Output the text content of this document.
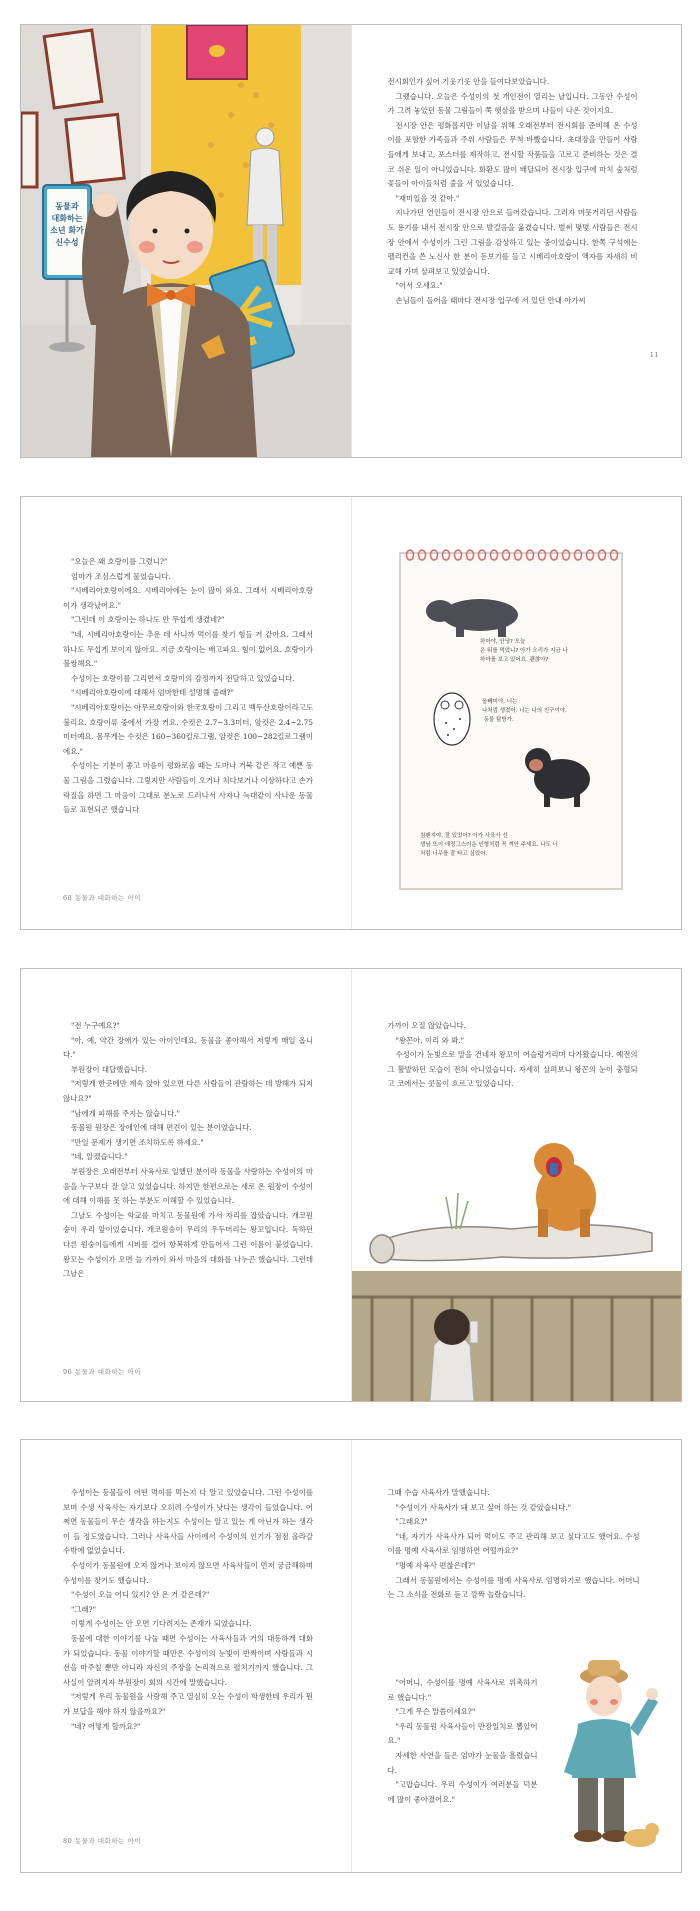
동물과
대화하는
소년 화가
신수성

전시회인가 싶어 기웃기웃 안을 들여다보았습니다.

그랬습니다. 오늘은 수성이의 첫 개인전이 열리는 날입니다. 그동안 수성이가 그려 놓았던 동물 그림들이 쭉 햇살을 받으며 나들이 나온 것이지요.

전시장 안은 평화롭지만 이날을 위해 오래전부터 전시회를 준비해 온 수성이를 포함한 가족들과 주위 사람들은 무척 바빴습니다. 초대장을 만들어 사람들에게 보내고, 포스터를 제작하고, 전시할 작품들을 고르고 준비하는 것은 결코 쉬운 일이 아니었습니다. 화환도 많이 배달되어 전시장 입구에 마치 숲처럼 꽃들이 아이들처럼 줄을 서 있었습니다.

"재미있을 것 같아."

지나가던 연인들이 전시장 안으로 들어갔습니다. 그러자 머뭇거리던 사람들도 용기를 내서 전시장 안으로 발걸음을 옮겼습니다. 벌써 몇몇 사람들은 전시장 안에서 수성이가 그린 그림을 감상하고 있는 중이었습니다. 한쪽 구석에는 펠리컨을 쓴 노신사 한 분이 돋보기를 들고 시베리아호랑이 액자를 자세히 비교해 가며 살펴보고 있었습니다.

"어서 오세요."

손님들이 들어올 때마다 전시장 입구에 서 있던 안내 아가씨

11

"오늘은 왜 호랑이를 그렸니?"

엄마가 조심스럽게 물었습니다.

"시베리아호랑이에요. 시베리아에는 눈이 많이 와요. 그래서 시베리아호랑이가 생각났어요."

"그런데 이 호랑이는 하나도 안 무섭게 생겼네?"

"네, 시베리아호랑이는 추운 데 사니까 먹이를 찾기 힘들 거 같아요. 그래서 하나도 무섭게 보이지 않아요. 지금 호랑이는 배고파요. 힘이 없어요. 호랑이가 불쌍해요."

수성이는 호랑이를 그리면서 호랑이의 감정까지 전달하고 있었습니다.

"시베리아호랑이에 대해서 엄마한테 설명해 줄래?"

"시베리아호랑이는 아무르호랑이와 한국호랑이 그리고 백두산호랑이라고도 불리요. 호랑이류 중에서 가장 커요. 수컷은 2.7~3.3미터, 암컷은 2.4~2.75미터예요. 몸무게는 수컷은 160~360킬로그램, 암컷은 100~282킬로그램이에요."

수성이는 기분이 좋고 마음이 평화로울 때는 도마나 거북 같은 작고 예쁜 동물 그림을 그렸습니다. 그렇지만 사람들이 오거나 처다보거나 이상하다고 손가락질을 하면 그 마음이 그대로 분노로 드러나서 사자나 늑대같이 사나운 동물들로 표현되곤 했습니다

68 동물과 대화하는 아이
하마야, 안녕? 오늘 은 뭐를 먹었니? 아가 오리가 지금 나 하마를 보고 있어요. 괜찮아?
올빼미야, 너는 나처럼 생겼어. 너는 나의 친구이야. 동물 탐방가.
침팬지야, 잘 있었어? 아가 사육사 선 생님 또이 애정그스러운 인형처럼 꼭 껴안 주세요. 나도 너 처럼 너무를 잘 타고 싶었어.

"전 누구예요?"

"아, 예, 약간 장애가 있는 아이인데요, 동물을 좋아해서 저렇게 매일 옵니다."

부원장이 대답했습니다.

"저렇게 한곳에만 계속 앉아 있으면 다른 사람들이 관람하는 데 방해가 되지 않나요?"

"남에게 피해를 주지는 않습니다."

동물원 원장은 장애인에 대해 편견이 있는 분이었습니다.

"만일 문제가 생기면 조치하도록 하세요."

"네, 알겠습니다."

부원장은 오래전부터 사육사로 일했던 분이라 동물을 사랑하는 수성이의 마음을 누구보다 잘 알고 있었습니다. 하지만 한편으로는 새로 온 원장이 수성이에 대해 이해를 못 하는 부분도 이해할 수 있었습니다.

그날도 수성이는 학교를 마치고 동물원에 가서 자리를 잡았습니다. 개코원숭이 우리 앞이었습니다. 개코원숭이 무리의 우두머리는 왕꼬입니다. 독하던 다른 원숭이들에게 시비를 걸어 항복하게 만들어서 그런 이름이 붙었습니다. 왕꼬는 수성이가 오면 늘 가까이 와서 마음의 대화를 나누곤 했습니다. 그런데 그날은

96 동물과 대화하는 아이

가까이 오질 않았습니다.

"왕꼰아, 이리 와 봐."

수성이가 눈빛으로 말을 건네자 왕꼬이 어슬렁거리며 다가왔습니다. 예전의 그 활발하던 모습이 전혀 아니었습니다. 자세히 살펴보니 왕꼰의 눈이 충혈되고 코에서는 콧물이 흐르고 있었습니다.

수성이는 동물들이 어떤 먹이를 먹는지 다 알고 있었습니다. 그런 수성이를 보며 수생 사육사는 자기보다 오히려 수성이가 낫다는 생각이 들었습니다. 어쩌면 동물들이 무슨 생각을 하는지도 수성이는 알고 있는 게 아닌가 하는 생각이 들 정도였습니다. 그러나 사육사들 사이에서 수성이의 인기가 점점 올라갈 수밖에 없었습니다.

수성이가 동물원에 오지 않거나 보이지 않으면 사육사들이 먼저 궁금해하며 수성이를 찾기도 했습니다.

"수성이 오늘 어디 있지? 안 온 거 같은데?"

"그래?"

이렇게 수성이는 안 오면 기다려지는 존재가 되었습니다.

동물에 대한 이야기를 나눌 때면 수성이는 사육사들과 거의 대등하게 대화가 되었습니다. 동물 이야기할 때만은 수성이의 눈빛이 반짝이며 사람들과 시선을 마주칠 뿐만 아니라 자신의 주장을 논리적으로 펼치기까지 했습니다. 그 사실이 알려지자 부원장이 회의 시간에 말했습니다.

"저렇게 우리 동물원을 사랑해 주고 열심히 오는 수성이 학생한테 우리가 뭔가 보답을 해야 하지 않을까요?"

"네? 어떻게 할까요?"

80 동물과 대화하는 아이

그때 수습 사육사가 말했습니다.

"수성이가 사육사가 돼 보고 싶어 하는 것 같았습니다."

"그래요?"

"네, 자기가 사육사가 되어 먹이도 주고 관리해 보고 싶다고도 했어요. 수성이를 명예 사육사로 임명하면 어떨까요?"

"명예 사육사 편찮은데?"

그래서 동물원에서는 수성이를 명예 사육사로 임명하기로 했습니다. 어머니는 그 소식을 전화로 듣고 깜짝 놀랐습니다.

"어머니, 수성이를 명예 사육사로 위촉하기로 했습니다."

"그게 무슨 말씀이세요?"

"우리 동물원 사육사들이 만장일치로 뽑았어요."

자세한 사연을 들은 엄마가 눈물을 흘렸습니다.

"고맙습니다. 우리 수성이가 여러분들 덕분에 많이 좋아졌어요."
